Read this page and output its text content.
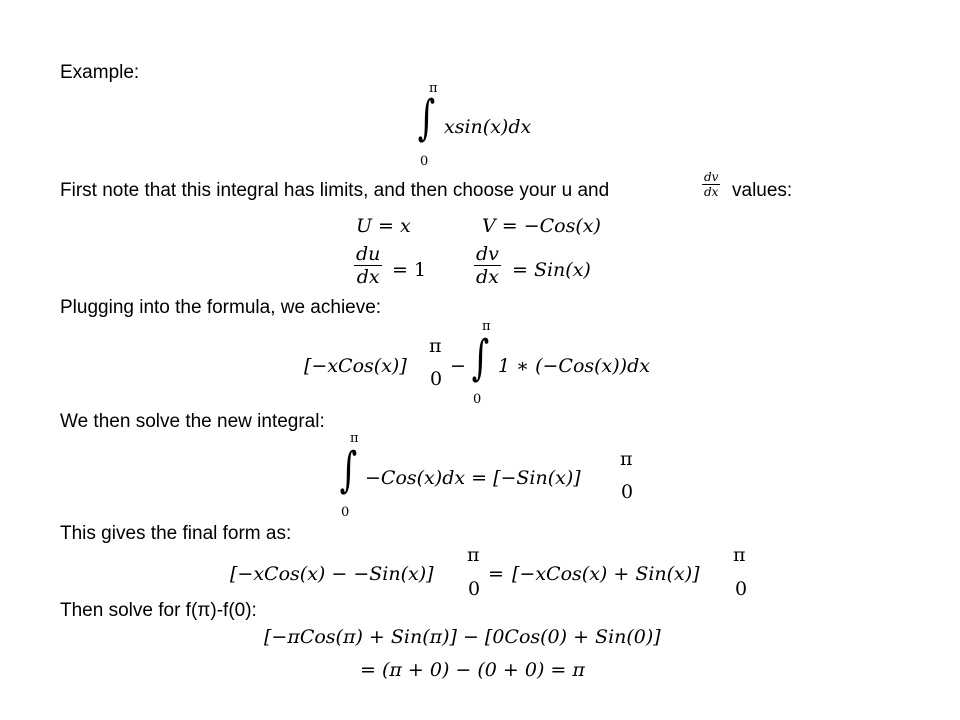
Example:
π
∫
0
xsin(x)dx
First note that this integral has limits, and then choose your u and
dv
dx values:
U = x	V = −Cos(x)
du
dx = 1
dv
dx = Sin(x)
Plugging into the formula, we achieve:
[−xCos(x)]
π
0
−
π
∫
0
1 ∗ (−Cos(x))dx
We then solve the new integral:
π
∫
0
−Cos(x)dx = [−Sin(x)]
π
0
This gives the final form as:
[−xCos(x) − −Sin(x)]
π
0
= [−xCos(x) + Sin(x)]
π
0
Then solve for f(π)-f(0):
[−πCos(π) + Sin(π)] − [0Cos(0) + Sin(0)]
= (π + 0) − (0 + 0) = π
